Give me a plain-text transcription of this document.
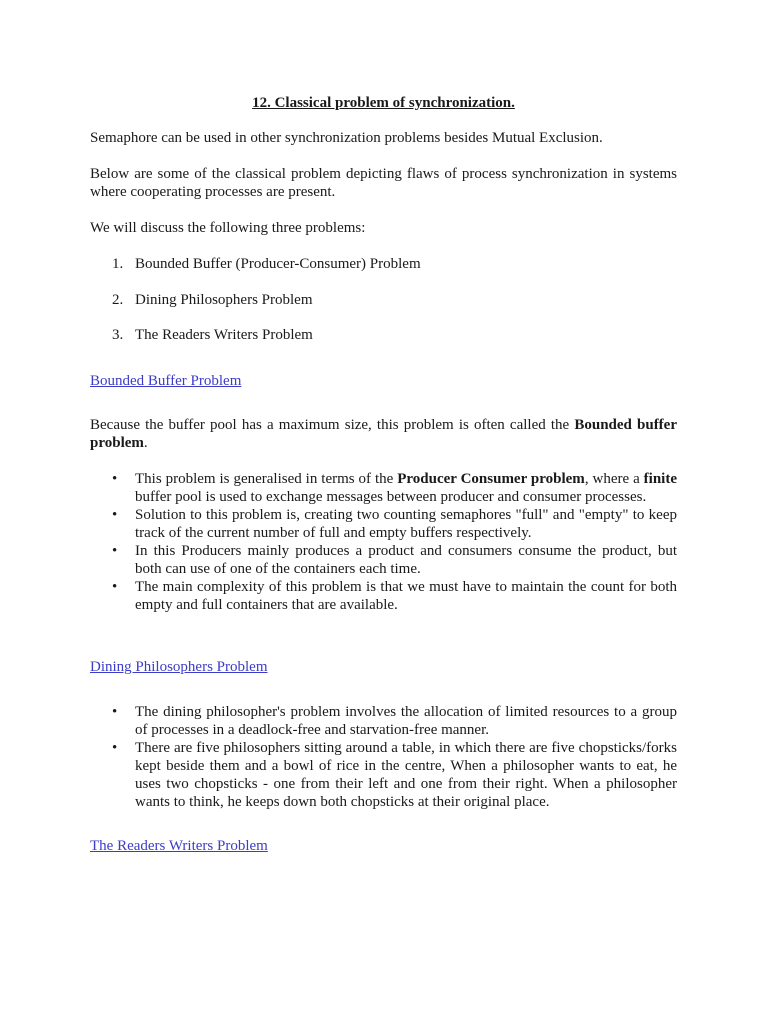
12. Classical problem of synchronization.

Semaphore can be used in other synchronization problems besides Mutual Exclusion.

Below are some of the classical problem depicting flaws of process synchronization in systems where cooperating processes are present.

We will discuss the following three problems:

1. Bounded Buffer (Producer-Consumer) Problem
2. Dining Philosophers Problem
3. The Readers Writers Problem
Bounded Buffer Problem

Because the buffer pool has a maximum size, this problem is often called the Bounded buffer problem.

• This problem is generalised in terms of the Producer Consumer problem, where a finite buffer pool is used to exchange messages between producer and consumer processes.
• Solution to this problem is, creating two counting semaphores "full" and "empty" to keep track of the current number of full and empty buffers respectively.
• In this Producers mainly produces a product and consumers consume the product, but both can use of one of the containers each time.
• The main complexity of this problem is that we must have to maintain the count for both empty and full containers that are available.
Dining Philosophers Problem
• The dining philosopher's problem involves the allocation of limited resources to a group of processes in a deadlock-free and starvation-free manner.
• There are five philosophers sitting around a table, in which there are five chopsticks/forks kept beside them and a bowl of rice in the centre, When a philosopher wants to eat, he uses two chopsticks - one from their left and one from their right. When a philosopher wants to think, he keeps down both chopsticks at their original place.
The Readers Writers Problem
